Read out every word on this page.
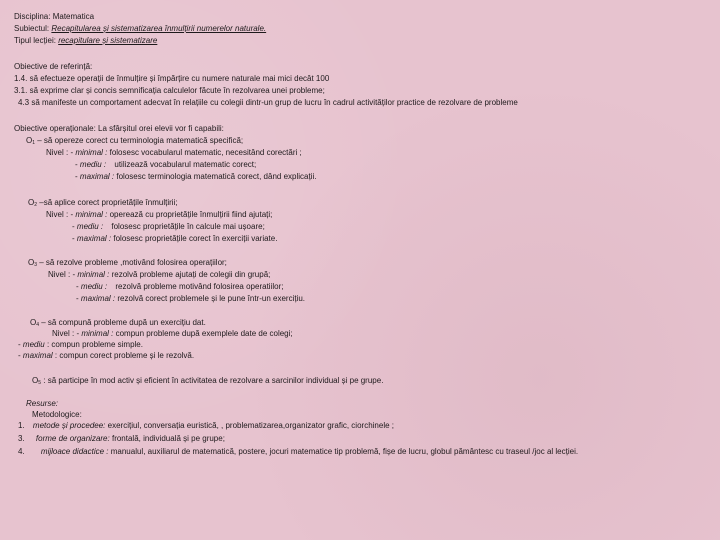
Disciplina: Matematica
Subiectul: Recapitularea și sistematizarea înmulțirii numerelor naturale.
Tipul lecției: recapitulare și sistematizare
Obiective de referință:
1.4. să efectueze operații de înmulțire și împărțire cu numere naturale mai mici decât 100
3.1. să exprime clar și concis semnificația calculelor făcute în rezolvarea unei probleme;
4.3 să manifeste un comportament adecvat în relațiile cu colegii dintr-un grup de lucru în cadrul activităților practice de rezolvare de probleme
Obiective operaționale: La sfârșitul orei elevii vor fi capabili:
$O_1$ – să opereze corect cu terminologia matematică specifică;
Nivel : - minimal : folosesc vocabularul matematic, necesitând corectări ;
- mediu : utilizează vocabularul matematic corect;
- maximal : folosesc terminologia matematică corect, dând explicații.
$O_2$ –să aplice corect proprietățile înmulțirii;
Nivel : - minimal : operează cu proprietățile înmulțirii fiind ajutați;
- mediu : folosesc proprietățile în calcule mai ușoare;
- maximal : folosesc proprietățile corect în exerciții variate.
$O_3$ – să rezolve probleme ,motivând folosirea operațiilor;
Nivel : - minimal : rezolvă probleme ajutați de colegii din grupă;
- mediu : rezolvă probleme motivând folosirea operatiilor;
- maximal : rezolvă corect problemele și le pune într-un exercițiu.
$O_4$ – să compună probleme după un exercițiu dat.
Nivel : - minimal : compun probleme după exemplele date de colegi;
- mediu : compun probleme simple.
- maximal : compun corect probleme și le rezolvă.
$O_5$ : să participe în mod activ și eficient în activitatea de rezolvare a sarcinilor individual și pe grupe.
Resurse:
Metodologice:
1. metode și procedee: exercițiul, conversația euristică, , problematizarea,organizator grafic, ciorchinele ;
3. forme de organizare: frontală, individuală și pe grupe;
4. mijloace didactice : manualul, auxiliarul de matematică, postere, jocuri matematice tip problemă, fișe de lucru, globul pământesc cu traseul /joc al lecției.
